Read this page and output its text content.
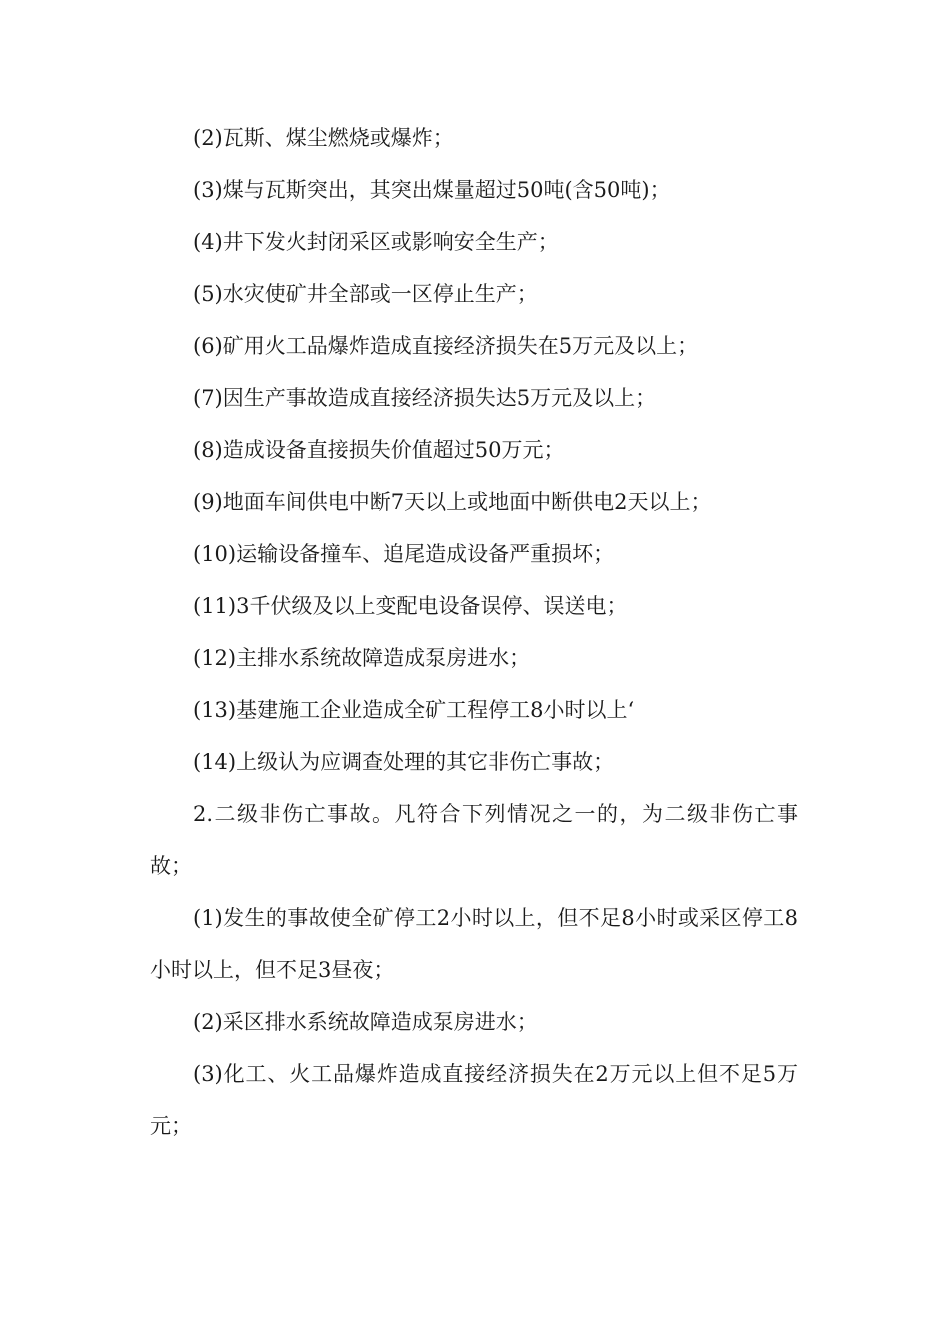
(2)瓦斯、煤尘燃烧或爆炸；

(3)煤与瓦斯突出，其突出煤量超过50吨(含50吨)；

(4)井下发火封闭采区或影响安全生产；

(5)水灾使矿井全部或一区停止生产；

(6)矿用火工品爆炸造成直接经济损失在5万元及以上；

(7)因生产事故造成直接经济损失达5万元及以上；

(8)造成设备直接损失价值超过50万元；

(9)地面车间供电中断7天以上或地面中断供电2天以上；

(10)运输设备撞车、追尾造成设备严重损坏；

(11)3千伏级及以上变配电设备误停、误送电；

(12)主排水系统故障造成泵房进水；

(13)基建施工企业造成全矿工程停工8小时以上‘

(14)上级认为应调查处理的其它非伤亡事故；

2.二级非伤亡事故。凡符合下列情况之一的，为二级非伤亡事故；

(1)发生的事故使全矿停工2小时以上，但不足8小时或采区停工8小时以上，但不足3昼夜；

(2)采区排水系统故障造成泵房进水；

(3)化工、火工品爆炸造成直接经济损失在2万元以上但不足5万元；
